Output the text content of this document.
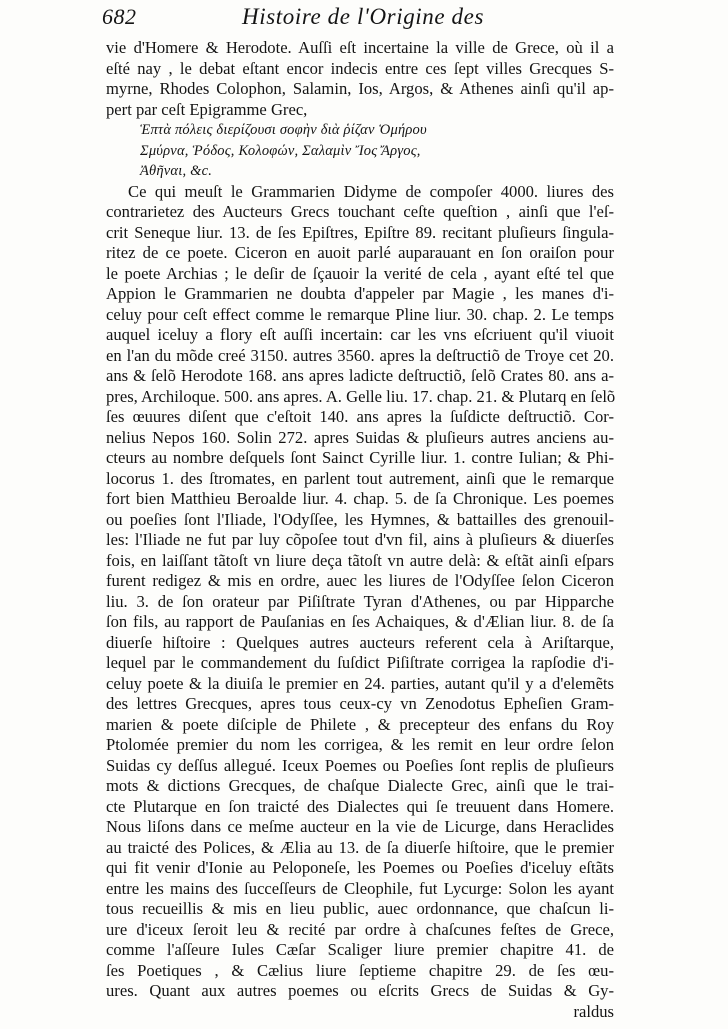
682	Histoire de l'Origine des
vie d'Homere & Herodote. Auſſi eſt incertaine la ville de Grece, où il a
eſté nay , le debat eſtant encor indecis entre ces ſept villes Grecques S-
myrne, Rhodes Colophon, Salamin, Ios, Argos, & Athenes ainſi qu'il ap-
pert par ceſt Epigramme Grec,
Ἑπτὰ πόλεις διερίζουσι σοφὴν διὰ ῥίζαν Ὁμήρου
Σμύρνα, Ῥόδος, Κολοφών, Σαλαμὶν Ἴος Ἄργος,
Ἀθῆναι, &c.
Ce qui meuſt le Grammarien Didyme de compoſer 4000. liures des
contrarietez des Aucteurs Grecs touchant ceſte queſtion , ainſi que l'eſ-
crit Seneque liur. 13. de ſes Epiſtres, Epiſtre 89. recitant pluſieurs ſingula-
ritez de ce poete. Ciceron en auoit parlé auparauant en ſon oraiſon pour
le poete Archias ; le deſir de ſçauoir la verité de cela , ayant eſté tel que
Appion le Grammarien ne doubta d'appeler par Magie , les manes d'i-
celuy pour ceſt effect comme le remarque Pline liur. 30. chap. 2. Le temps
auquel iceluy a flory eſt auſſi incertain: car les vns eſcriuent qu'il viuoit
en l'an du mõde creé 3150. autres 3560. apres la deſtructiõ de Troye cet 20.
ans & ſelõ Herodote 168. ans apres ladicte deſtructiõ, ſelõ Crates 80. ans a-
pres, Archiloque. 500. ans apres. A. Gelle liu. 17. chap. 21. & Plutarq en ſelõ
ſes œuures diſent que c'eſtoit 140. ans apres la ſuſdicte deſtructiõ. Cor-
nelius Nepos 160. Solin 272. apres Suidas & pluſieurs autres anciens au-
cteurs au nombre deſquels ſont Sainct Cyrille liur. 1. contre Iulian; & Phi-
locorus 1. des ſtromates, en parlent tout autrement, ainſi que le remarque
fort bien Matthieu Beroalde liur. 4. chap. 5. de ſa Chronique. Les poemes
ou poeſies ſont l'Iliade, l'Odyſſee, les Hymnes, & battailles des grenouil-
les: l'Iliade ne fut par luy cõpoſee tout d'vn fil, ains à pluſieurs & diuerſes
fois, en laiſſant tãtoſt vn liure deça tãtoſt vn autre delà: & eſtãt ainſi eſpars
furent redigez & mis en ordre, auec les liures de l'Odyſſee ſelon Ciceron
liu. 3. de ſon orateur par Piſiſtrate Tyran d'Athenes, ou par Hipparche
ſon fils, au rapport de Pauſanias en ſes Achaiques, & d'Ælian liur. 8. de ſa
diuerſe hiſtoire : Quelques autres aucteurs referent cela à Ariſtarque,
lequel par le commandement du ſuſdict Piſiſtrate corrigea la rapſodie d'i-
celuy poete & la diuiſa le premier en 24. parties, autant qu'il y a d'elemẽts
des lettres Grecques, apres tous ceux-cy vn Zenodotus Epheſien Gram-
marien & poete diſciple de Philete , & precepteur des enfans du Roy
Ptolomée premier du nom les corrigea, & les remit en leur ordre ſelon
Suidas cy deſſus allegué. Iceux Poemes ou Poeſies ſont replis de pluſieurs
mots & dictions Grecques, de chaſque Dialecte Grec, ainſi que le trai-
cte Plutarque en ſon traicté des Dialectes qui ſe treuuent dans Homere.
Nous liſons dans ce meſme aucteur en la vie de Licurge, dans Heraclides
au traicté des Polices, & Ælia au 13. de ſa diuerſe hiſtoire, que le premier
qui fit venir d'Ionie au Peloponeſe, les Poemes ou Poeſies d'iceluy eſtãts
entre les mains des ſucceſſeurs de Cleophile, fut Lycurge: Solon les ayant
tous recueillis & mis en lieu public, auec ordonnance, que chaſcun li-
ure d'iceux ſeroit leu & recité par ordre à chaſcunes feſtes de Grece,
comme l'aſſeure Iules Cæſar Scaliger liure premier chapitre 41. de
ſes Poetiques , & Cælius liure ſeptieme chapitre 29. de ſes œu-
ures. Quant aux autres poemes ou eſcrits Grecs de Suidas & Gy-
raldus
